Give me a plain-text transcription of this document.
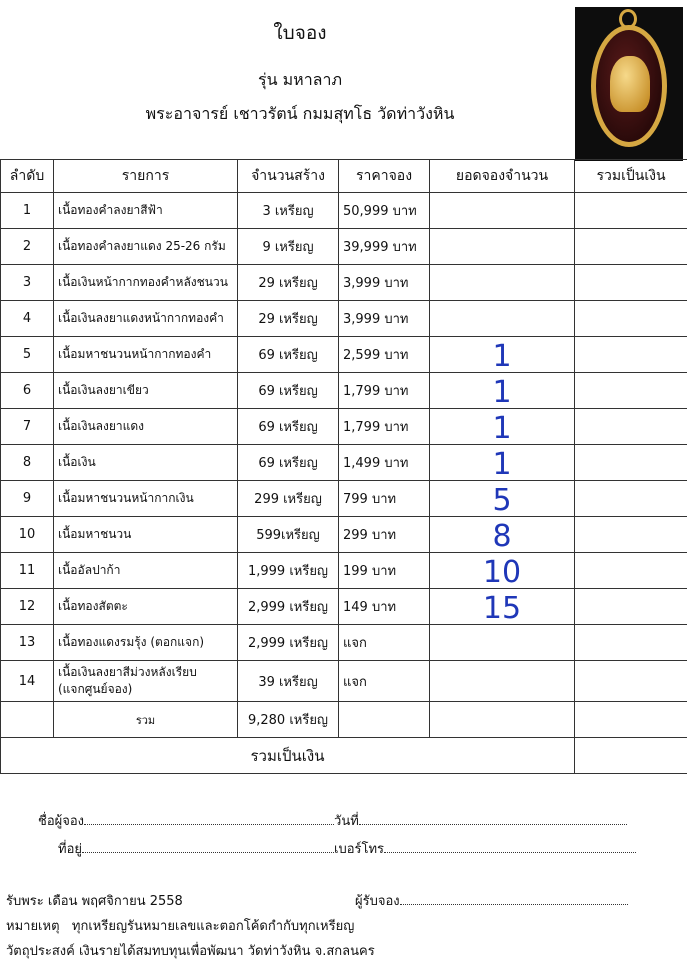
ใบจอง
รุ่น มหาลาภ
พระอาจารย์ เชาวรัตน์ กมมสุทโธ วัดท่าวังหิน
ลำดับ	รายการ	จำนวนสร้าง	ราคาจอง	ยอดจองจำนวน	รวมเป็นเงิน
1	เนื้อทองคำลงยาสีฟ้า	3 เหรียญ	50,999 บาท		
2	เนื้อทองคำลงยาแดง 25-26 กรัม	9 เหรียญ	39,999 บาท		
3	เนื้อเงินหน้ากากทองคำหลังชนวน	29 เหรียญ	3,999 บาท		
4	เนื้อเงินลงยาแดงหน้ากากทองคำ	29 เหรียญ	3,999 บาท		
5	เนื้อมหาชนวนหน้ากากทองคำ	69 เหรียญ	2,599 บาท	1	
6	เนื้อเงินลงยาเขียว	69 เหรียญ	1,799 บาท	1	
7	เนื้อเงินลงยาแดง	69 เหรียญ	1,799 บาท	1	
8	เนื้อเงิน	69 เหรียญ	1,499 บาท	1	
9	เนื้อมหาชนวนหน้ากากเงิน	299 เหรียญ	799 บาท	5	
10	เนื้อมหาชนวน	599เหรียญ	299 บาท	8	
11	เนื้ออัลปาก้า	1,999 เหรียญ	199 บาท	10	
12	เนื้อทองสัตตะ	2,999 เหรียญ	149 บาท	15	
13	เนื้อทองแดงรมรุ้ง (ตอกแจก)	2,999 เหรียญ	แจก		
14	เนื้อเงินลงยาสีม่วงหลังเรียบ
(แจกศูนย์จอง)	39 เหรียญ	แจก		
	รวม	9,280 เหรียญ			
รวมเป็นเงิน					
ชื่อผู้จอง	วันที่
ที่อยู่	เบอร์โทร
รับพระ เดือน พฤศจิกายน 2558	ผู้รับจอง
หมายเหตุ ทุกเหรียญรันหมายเลขและตอกโค้ดกำกับทุกเหรียญ
วัตถุประสงค์ เงินรายได้สมทบทุนเพื่อพัฒนา วัดท่าวังหิน จ.สกลนคร
